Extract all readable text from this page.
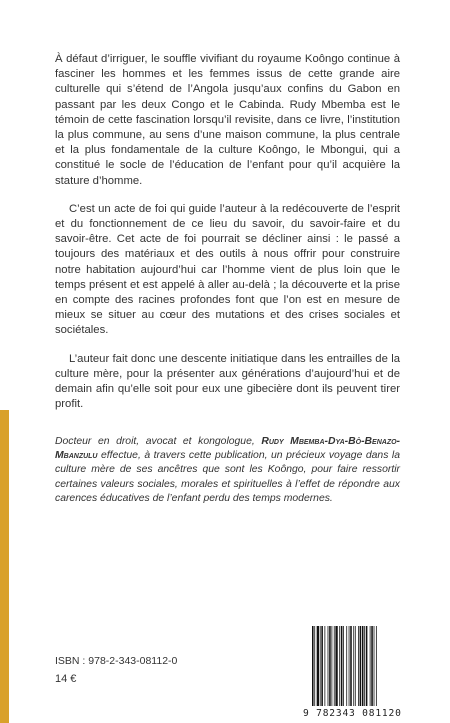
À défaut d’irriguer, le souffle vivifiant du royaume Koôngo continue à fasciner les hommes et les femmes issus de cette grande aire culturelle qui s’étend de l’Angola jusqu’aux confins du Gabon en passant par les deux Congo et le Cabinda. Rudy Mbemba est le témoin de cette fascination lorsqu’il revisite, dans ce livre, l’institution la plus commune, au sens d’une maison commune, la plus centrale et la plus fondamentale de la culture Koôngo, le Mbongui, qui a constitué le socle de l’éducation de l’enfant pour qu’il acquière la stature d’homme.

C’est un acte de foi qui guide l’auteur à la redécouverte de l’esprit et du fonctionnement de ce lieu du savoir, du savoir-faire et du savoir-être. Cet acte de foi pourrait se décliner ainsi : le passé a toujours des matériaux et des outils à nous offrir pour construire notre habitation aujourd’hui car l’homme vient de plus loin que le temps présent et est appelé à aller au-delà ; la découverte et la prise en compte des racines profondes font que l’on est en mesure de mieux se situer au cœur des mutations et des crises sociales et sociétales.

L’auteur fait donc une descente initiatique dans les entrailles de la culture mère, pour la présenter aux générations d’aujourd’hui et de demain afin qu’elle soit pour eux une gibecière dont ils peuvent tirer profit.

Docteur en droit, avocat et kongologue, Rudy Mbemba-Dya-Bô-Benazo-Mbanzulu effectue, à travers cette publication, un précieux voyage dans la culture mère de ses ancêtres que sont les Koôngo, pour faire ressortir certaines valeurs sociales, morales et spirituelles à l’effet de répondre aux carences éducatives de l’enfant perdu des temps modernes.

ISBN : 978-2-343-08112-0

14 €

9 782343 081120
